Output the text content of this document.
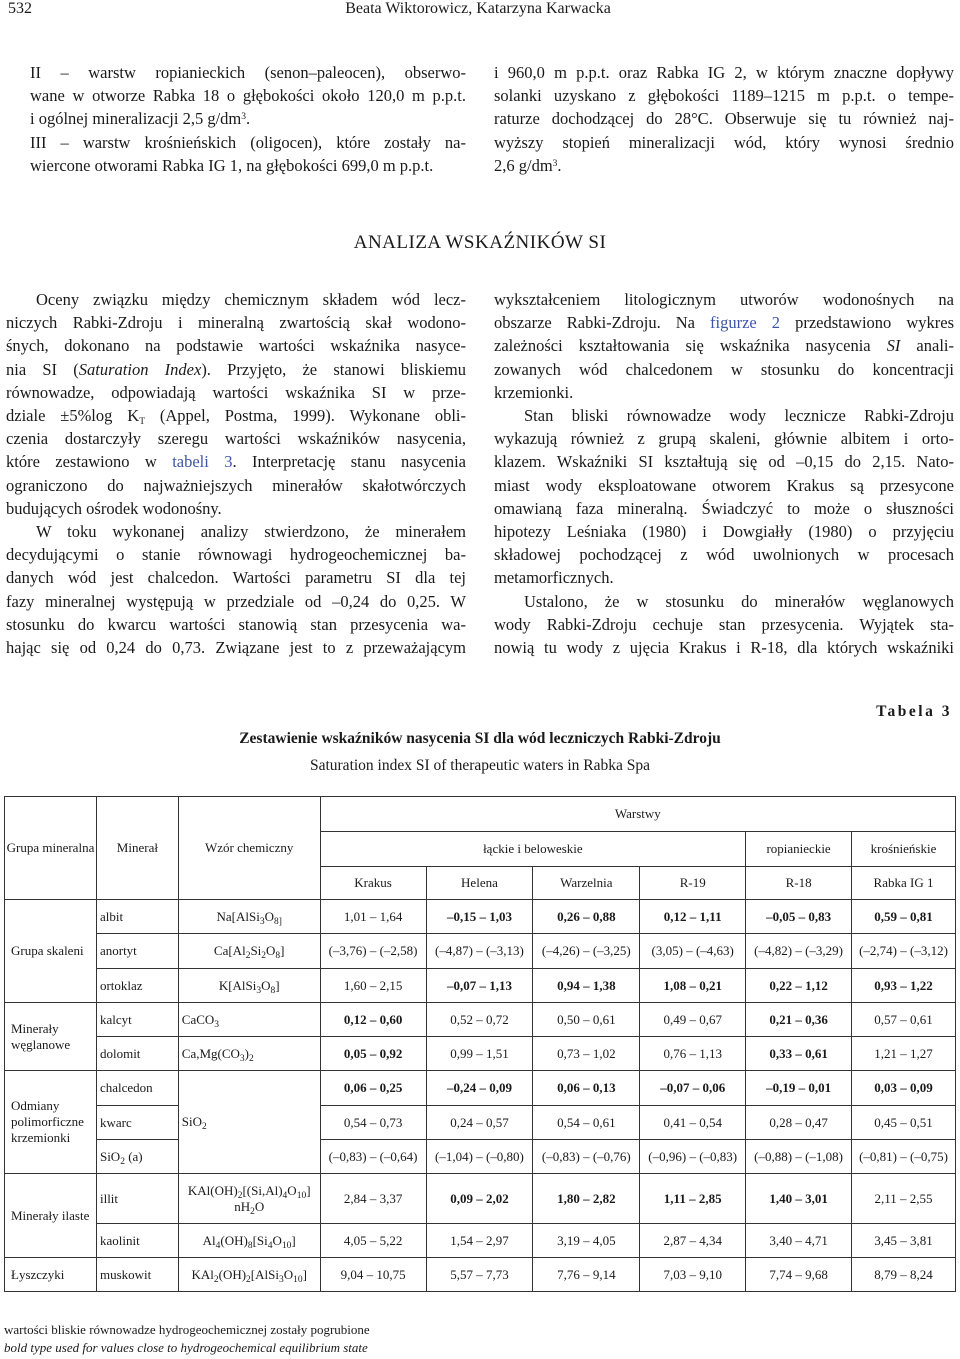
532	Beata Wiktorowicz, Katarzyna Karwacka
II – warstw ropianieckich (senon–paleocen), obserwo-
wane w otworze Rabka 18 o głębokości około 120,0 m p.p.t.
i ogólnej mineralizacji 2,5 $g/dm^3$.
III – warstw krośnieńskich (oligocen), które zostały na-
wiercone otworami Rabka IG 1, na głębokości 699,0 m p.p.t.
i 960,0 m p.p.t. oraz Rabka IG 2, w którym znaczne dopływy
solanki uzyskano z głębokości 1189–1215 m p.p.t. o tempe-
raturze dochodzącej do 28°C. Obserwuje się tu również naj-
wyższy stopień mineralizacji wód, który wynosi średnio
2,6 $g/dm^3$.
ANALIZA WSKAŹNIKÓW SI
Oceny związku między chemicznym składem wód lecz-
niczych Rabki-Zdroju i mineralną zwartością skał wodono-
śnych, dokonano na podstawie wartości wskaźnika nasyce-
nia SI (Saturation Index). Przyjęto, że stanowi bliskiemu
równowadze, odpowiadają wartości wskaźnika SI w prze-
dziale ±5%log $K_T$ (Appel, Postma, 1999). Wykonane obli-
czenia dostarczyły szeregu wartości wskaźników nasycenia,
które zestawiono w tabeli 3. Interpretację stanu nasycenia
ograniczono do najważniejszych minerałów skałotwórczych
budujących ośrodek wodonośny.
W toku wykonanej analizy stwierdzono, że minerałem
decydującymi o stanie równowagi hydrogeochemicznej ba-
danych wód jest chalcedon. Wartości parametru SI dla tej
fazy mineralnej występują w przedziale od –0,24 do 0,25. W
stosunku do kwarcu wartości stanowią stan przesycenia wa-
hając się od 0,24 do 0,73. Związane jest to z przeważającym
wykształceniem litologicznym utworów wodonośnych na
obszarze Rabki-Zdroju. Na figurze 2 przedstawiono wykres
zależności kształtowania się wskaźnika nasycenia SI anali-
zowanych wód chalcedonem w stosunku do koncentracji
krzemionki.
Stan bliski równowadze wody lecznicze Rabki-Zdroju
wykazują również z grupą skaleni, głównie albitem i orto-
klazem. Wskaźniki SI kształtują się od –0,15 do 2,15. Nato-
miast wody eksploatowane otworem Krakus są przesycone
omawianą faza mineralną. Świadczyć to może o słuszności
hipotezy Leśniaka (1980) i Dowgiałły (1980) o przyjęciu
składowej pochodzącej z wód uwolnionych w procesach
metamorficznych.
Ustalono, że w stosunku do minerałów węglanowych
wody Rabki-Zdroju cechuje stan przesycenia. Wyjątek sta-
nowią tu wody z ujęcia Krakus i R-18, dla których wskaźniki
Tabela 3
Zestawienie wskaźników nasycenia SI dla wód leczniczych Rabki-Zdroju
Saturation index SI of therapeutic waters in Rabka Spa
Grupa mineralna	Minerał	Wzór chemiczny	Warstwy					
			łąckie i beloweskie				ropianieckie	krośnieńskie
			Krakus	Helena	Warzelnia	R-19	R-18	Rabka IG 1
Grupa skaleni	albit	$Na[AlSi_3O_{8]}$	1,01 – 1,64	–0,15 – 1,03	0,26 – 0,88	0,12 – 1,11	–0,05 – 0,83	0,59 – 0,81
	anortyt	$Ca[Al_2Si_2O_8]$	(–3,76) – (–2,58)	(–4,87) – (–3,13)	(–4,26) – (–3,25)	(3,05) – (–4,63)	(–4,82) – (–3,29)	(–2,74) – (–3,12)
	ortoklaz	$K[AlSi_3O_8]$	1,60 – 2,15	–0,07 – 1,13	0,94 – 1,38	1,08 – 0,21	0,22 – 1,12	0,93 – 1,22
Minerały węglanowe	kalcyt	CaCO$_3$	0,12 – 0,60	0,52 – 0,72	0,50 – 0,61	0,49 – 0,67	0,21 – 0,36	0,57 – 0,61
	dolomit	$Ca,Mg(CO_3)_2$	0,05 – 0,92	0,99 – 1,51	0,73 – 1,02	0,76 – 1,13	0,33 – 0,61	1,21 – 1,27
Odmiany polimorficzne krzemionki	chalcedon	SiO$_2$	0,06 – 0,25	–0,24 – 0,09	0,06 – 0,13	–0,07 – 0,06	–0,19 – 0,01	0,03 – 0,09
	kwarc		0,54 – 0,73	0,24 – 0,57	0,54 – 0,61	0,41 – 0,54	0,28 – 0,47	0,45 – 0,51
	SiO$_2$ (a)		(–0,83) – (–0,64)	(–1,04) – (–0,80)	(–0,83) – (–0,76)	(–0,96) – (–0,83)	(–0,88) – (–1,08)	(–0,81) – (–0,75)
Minerały ilaste	illit	$KAl(OH)_2[(Si,Al)_4O_{10}]$
$nH_2O$	2,84 – 3,37	0,09 – 2,02	1,80 – 2,82	1,11 – 2,85	1,40 – 3,01	2,11 – 2,55
	kaolinit	$Al_4(OH)_8[Si_4O_{10}]$	4,05 – 5,22	1,54 – 2,97	3,19 – 4,05	2,87 – 4,34	3,40 – 4,71	3,45 – 3,81
Łyszczyki	muskowit	$KAl_2(OH)_2[AlSi_3O_{10}]$	9,04 – 10,75	5,57 – 7,73	7,76 – 9,14	7,03 – 9,10	7,74 – 9,68	8,79 – 8,24
wartości bliskie równowadze hydrogeochemicznej zostały pogrubione
bold type used for values close to hydrogeochemical equilibrium state
